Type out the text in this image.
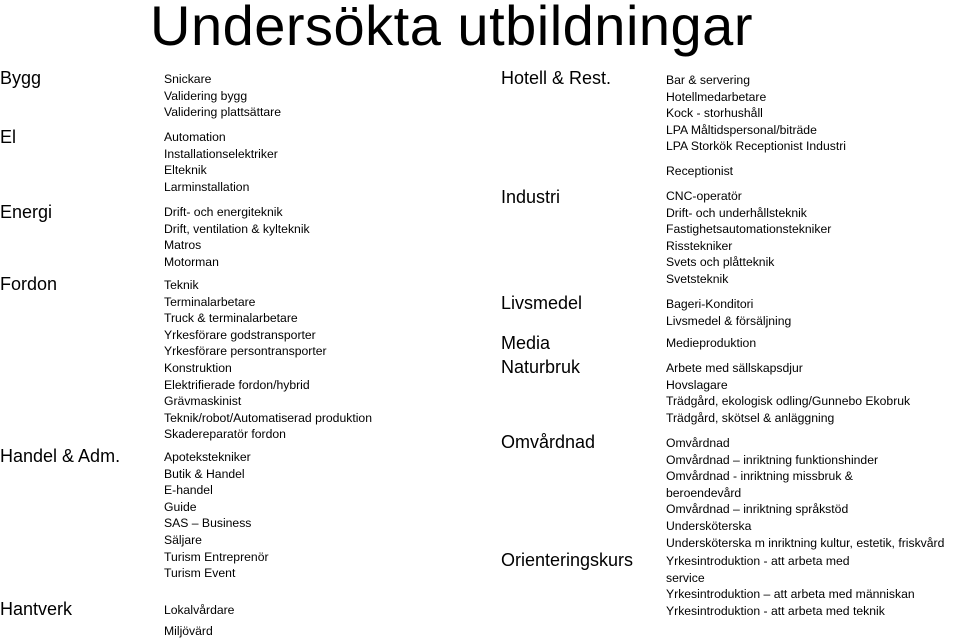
Undersökta utbildningar
Bygg
El
Energi
Fordon
Handel & Adm.
Hantverk
Snickare
Validering bygg
Validering plattsättare
Automation
Installationselektriker
Elteknik
Larminstallation
Drift- och energiteknik
Drift, ventilation & kylteknik
Matros
Motorman
Teknik
Terminalarbetare
Truck & terminalarbetare
Yrkesförare godstransporter
Yrkesförare persontransporter
Konstruktion
Elektrifierade fordon/hybrid
Grävmaskinist
Teknik/robot/Automatiserad produktion
Skadereparatör fordon
Apotekstekniker
Butik & Handel
E-handel
Guide
SAS – Business
Säljare
Turism Entreprenör
Turism Event
Lokalvårdare
Miljövärd
Hotell & Rest.
Industri
Livsmedel
Media
Naturbruk
Omvårdnad
Orienteringskurs
Bar & servering
Hotellmedarbetare
Kock - storhushåll
LPA Måltidspersonal/biträde
LPA Storkök Receptionist Industri
Receptionist
CNC-operatör
Drift- och underhållsteknik
Fastighetsautomationstekniker
Risstekniker
Svets och plåtteknik
Svetsteknik
Bageri-Konditori
Livsmedel & försäljning
Medieproduktion
Arbete med sällskapsdjur
Hovslagare
Trädgård, ekologisk odling/Gunnebo Ekobruk
Trädgård, skötsel & anläggning
Omvårdnad
Omvårdnad – inriktning funktionshinder
Omvårdnad - inriktning missbruk &
beroendevård
Omvårdnad – inriktning språkstöd
Undersköterska
Undersköterska m inriktning kultur, estetik, friskvård
Yrkesintroduktion - att arbeta med
service
Yrkesintroduktion – att arbeta med människan
Yrkesintroduktion - att arbeta med teknik
